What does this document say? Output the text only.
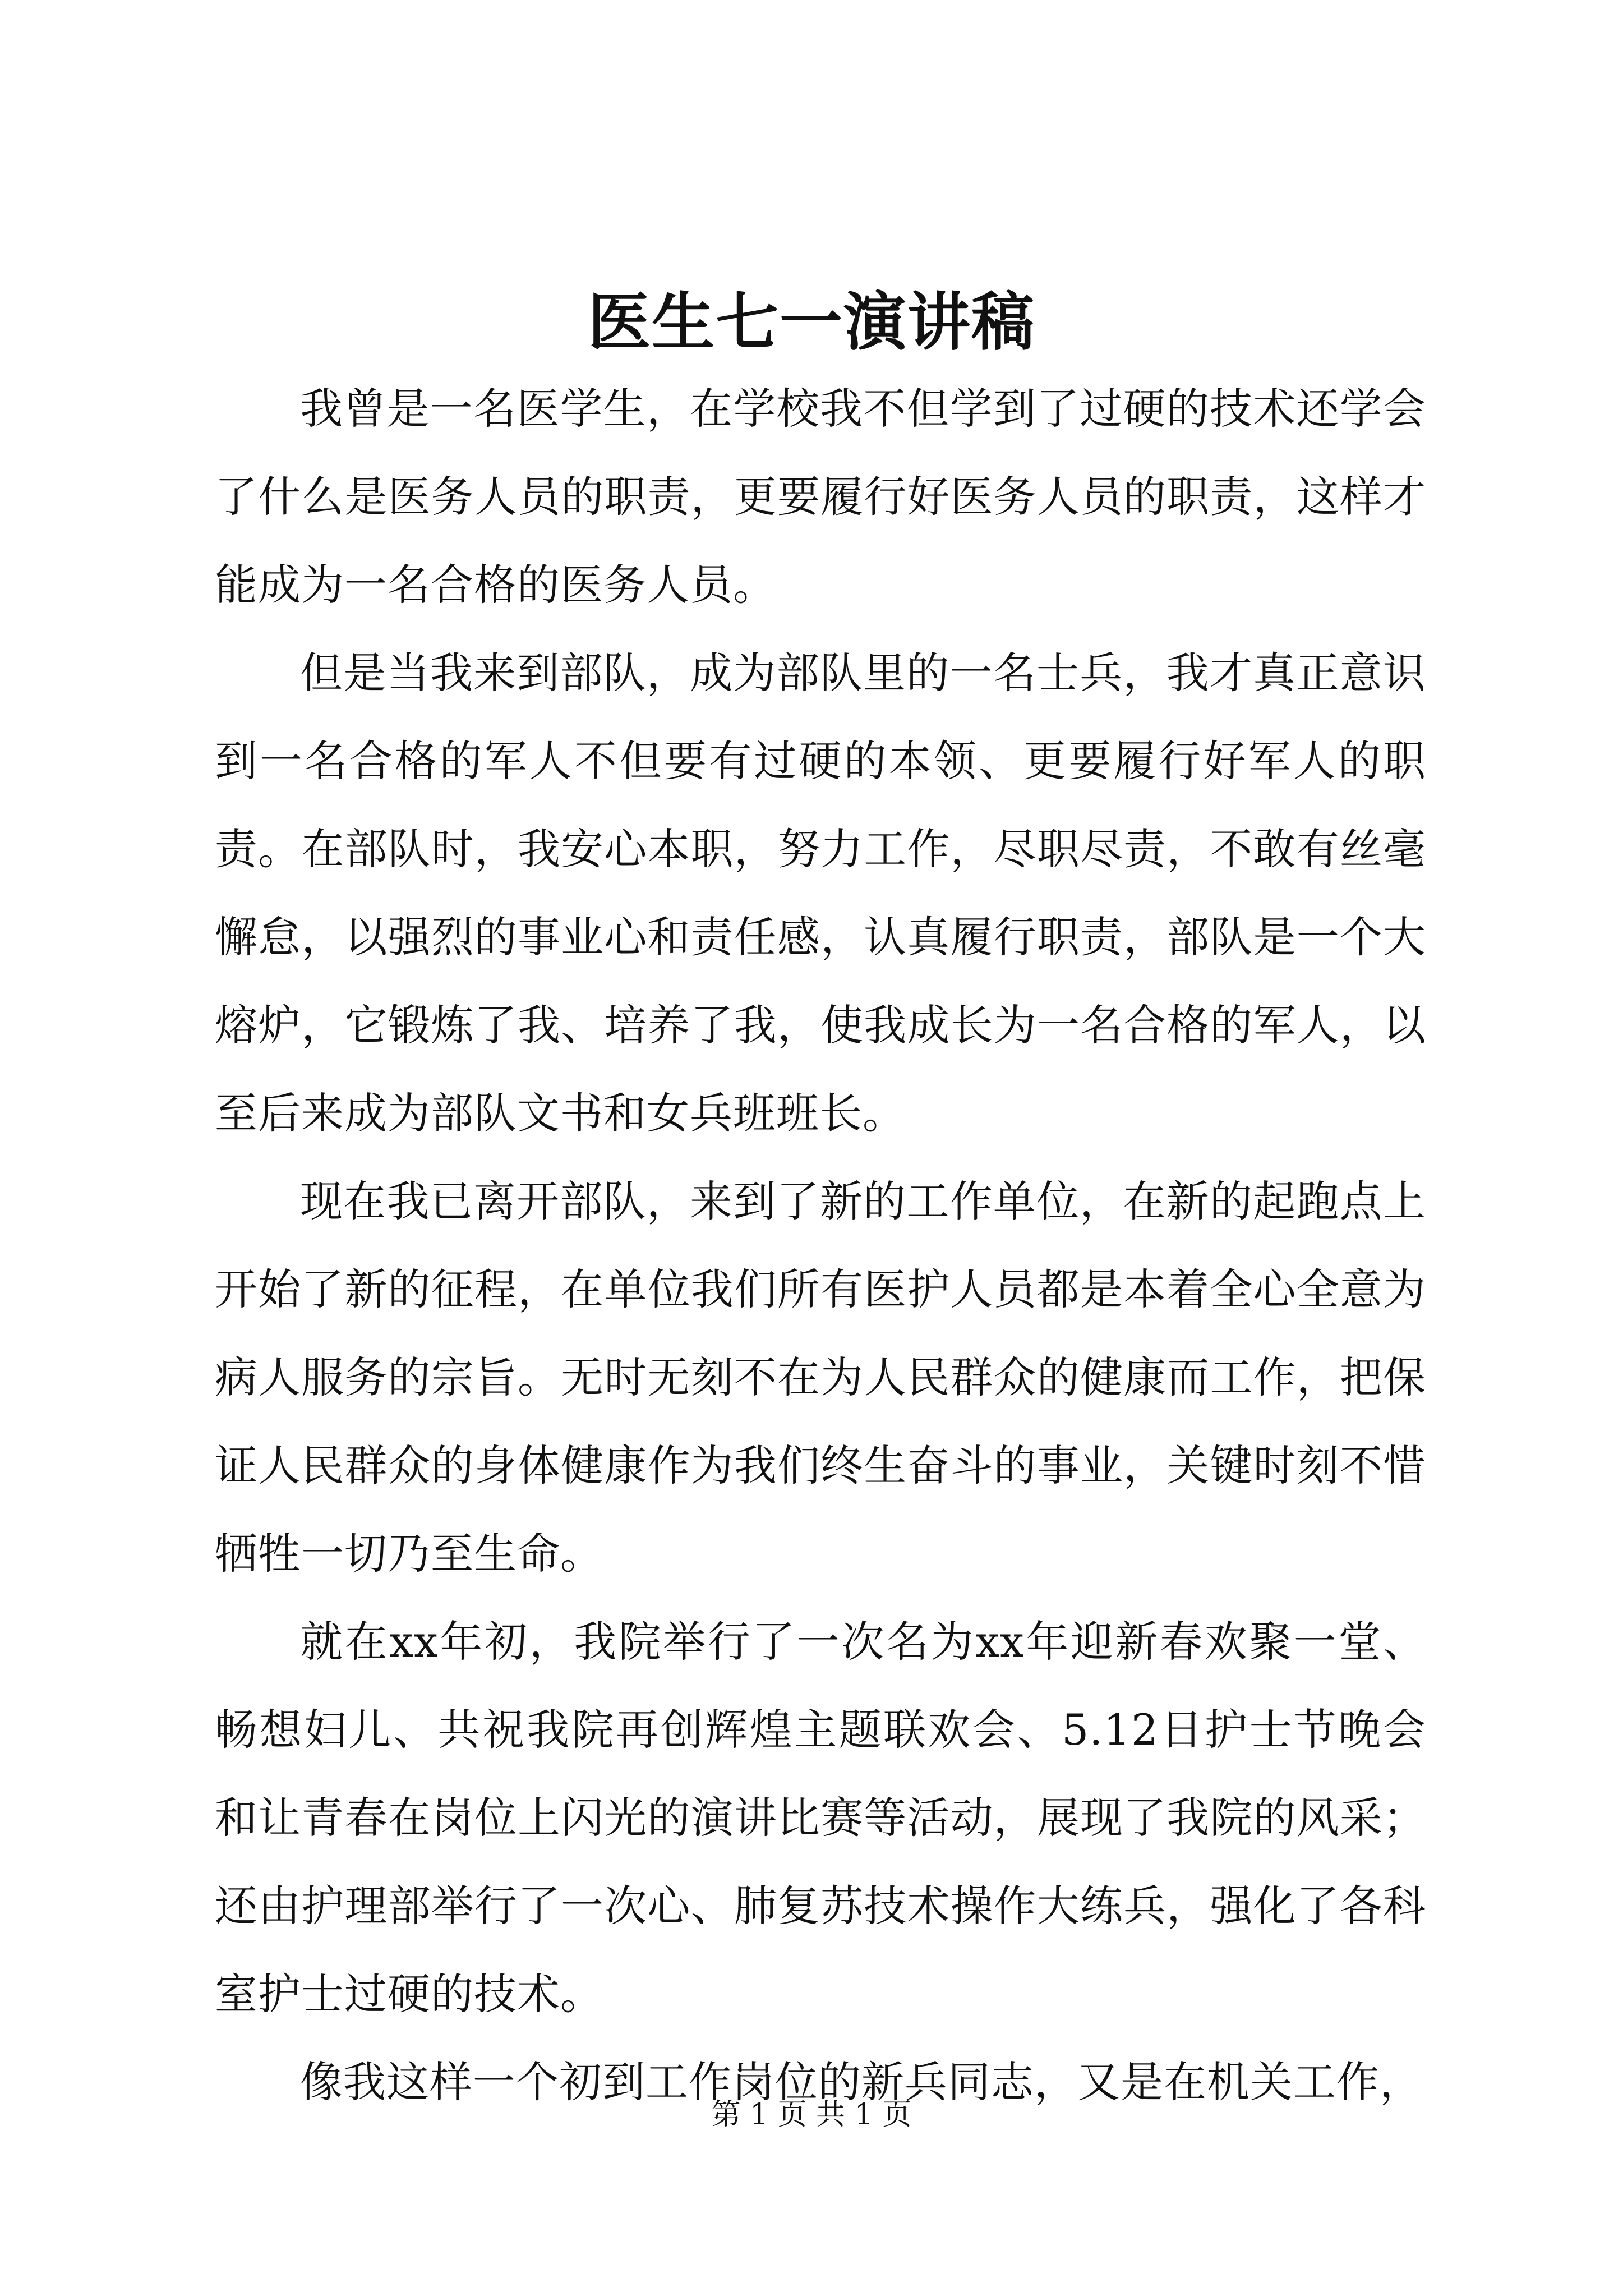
医生七一演讲稿

我曾是一名医学生，在学校我不但学到了过硬的技术还学会了什么是医务人员的职责，更要履行好医务人员的职责，这样才能成为一名合格的医务人员。

但是当我来到部队，成为部队里的一名士兵，我才真正意识到一名合格的军人不但要有过硬的本领、更要履行好军人的职责。在部队时，我安心本职，努力工作，尽职尽责，不敢有丝毫懈怠，以强烈的事业心和责任感，认真履行职责，部队是一个大熔炉，它锻炼了我、培养了我，使我成长为一名合格的军人，以至后来成为部队文书和女兵班班长。

现在我已离开部队，来到了新的工作单位，在新的起跑点上开始了新的征程，在单位我们所有医护人员都是本着全心全意为病人服务的宗旨。无时无刻不在为人民群众的健康而工作，把保证人民群众的身体健康作为我们终生奋斗的事业，关键时刻不惜牺牲一切乃至生命。

就在xx年初，我院举行了一次名为xx年迎新春欢聚一堂、畅想妇儿、共祝我院再创辉煌主题联欢会、5.12日护士节晚会和让青春在岗位上闪光的演讲比赛等活动，展现了我院的风采；还由护理部举行了一次心、肺复苏技术操作大练兵，强化了各科室护士过硬的技术。

像我这样一个初到工作岗位的新兵同志，又是在机关工作，

第 1 页 共 1 页
